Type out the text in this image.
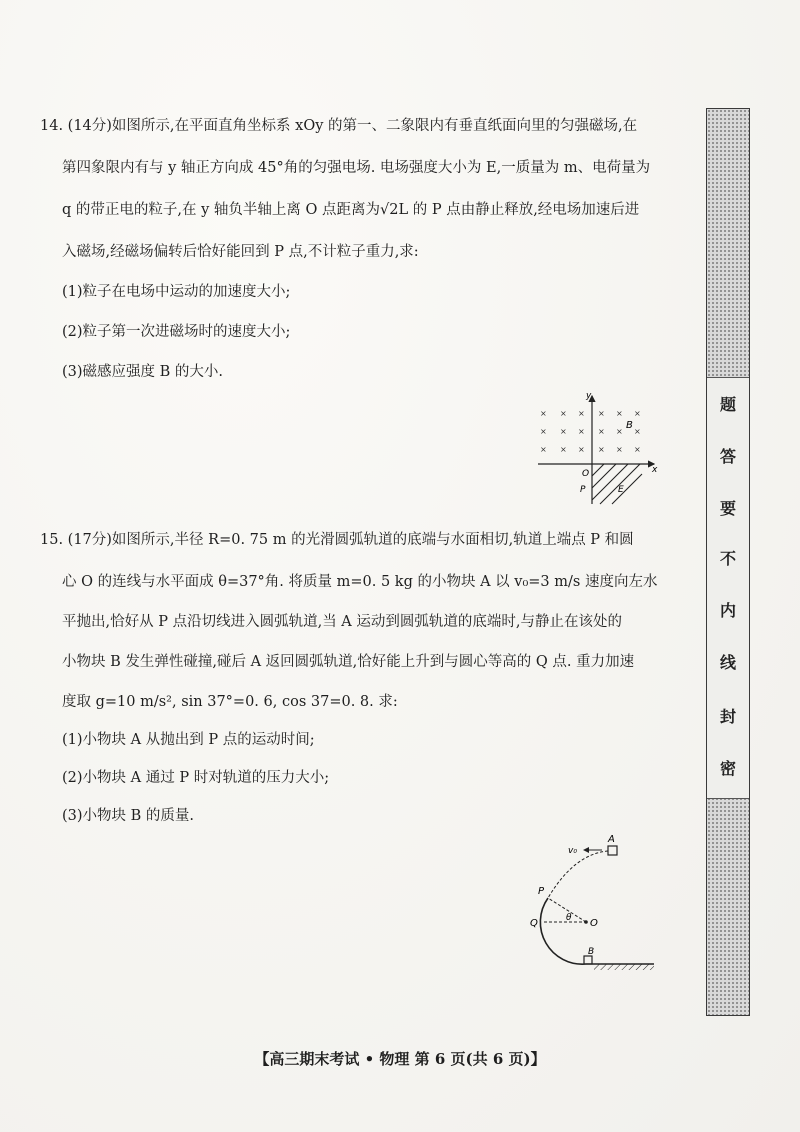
14. (14分)如图所示,在平面直角坐标系 xOy 的第一、二象限内有垂直纸面向里的匀强磁场,在
第四象限内有与 y 轴正方向成 45°角的匀强电场. 电场强度大小为 E,一质量为 m、电荷量为
q 的带正电的粒子,在 y 轴负半轴上离 O 点距离为√2L 的 P 点由静止释放,经电场加速后进
入磁场,经磁场偏转后恰好能回到 P 点,不计粒子重力,求:
(1)粒子在电场中运动的加速度大小;
(2)粒子第一次进磁场时的速度大小;
(3)磁感应强度 B 的大小.
× × × × × ×
× × × × × ×
× × × × × ×
O
y
x
B
P	E
15. (17分)如图所示,半径 R=0. 75 m 的光滑圆弧轨道的底端与水面相切,轨道上端点 P 和圆
心 O 的连线与水平面成 θ=37°角. 将质量 m=0. 5 kg 的小物块 A 以 v₀=3 m/s 速度向左水
平抛出,恰好从 P 点沿切线进入圆弧轨道,当 A 运动到圆弧轨道的底端时,与静止在该处的
小物块 B 发生弹性碰撞,碰后 A 返回圆弧轨道,恰好能上升到与圆心等高的 Q 点. 重力加速
度取 g=10 m/s², sin 37°=0. 6, cos 37=0. 8. 求:
(1)小物块 A 从抛出到 P 点的运动时间;
(2)小物块 A 通过 P 时对轨道的压力大小;
(3)小物块 B 的质量.
A
v₀
O
θ
P
Q
B
题
答
要
不
内
线
封
密
【高三期末考试 • 物理 第 6 页(共 6 页)】
